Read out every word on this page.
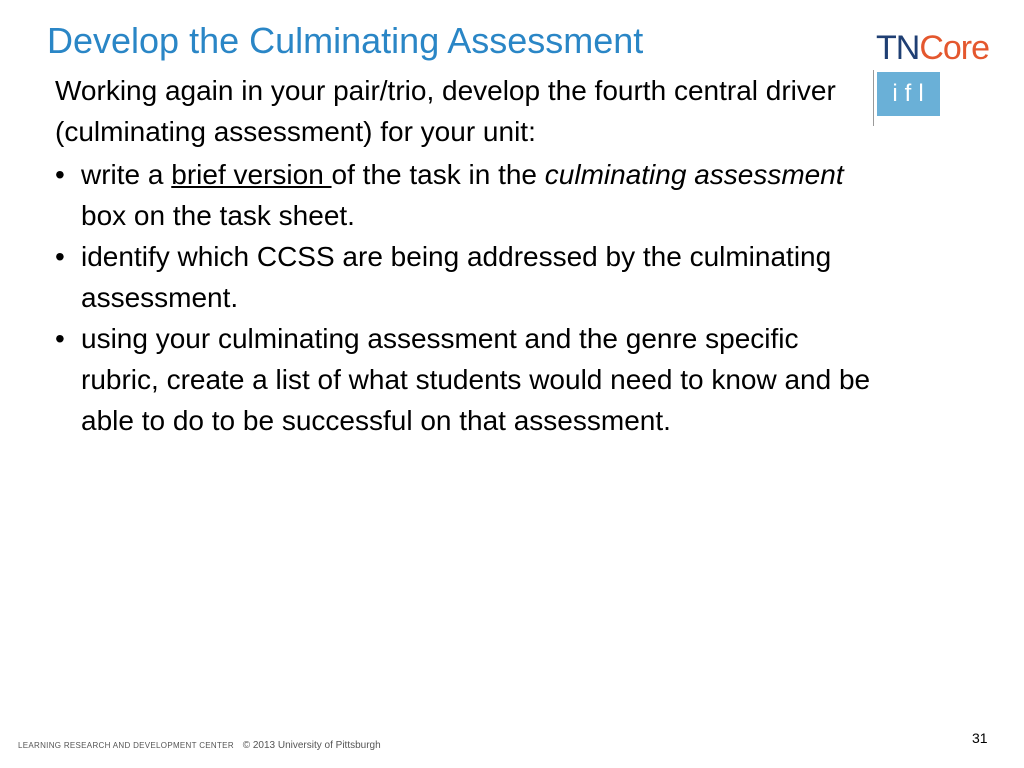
Develop the Culminating Assessment	TNCore
ifl
Working again in your pair/trio, develop the fourth central driver (culminating assessment) for your unit:
• write a brief version of the task in the culminating assessment box on the task sheet.
• identify which CCSS are being addressed by the culminating assessment.
• using your culminating assessment and the genre specific rubric, create a list of what students would need to know and be able to do to be successful on that assessment.
LEARNING RESEARCH AND DEVELOPMENT CENTER © 2013 University of Pittsburgh	31
